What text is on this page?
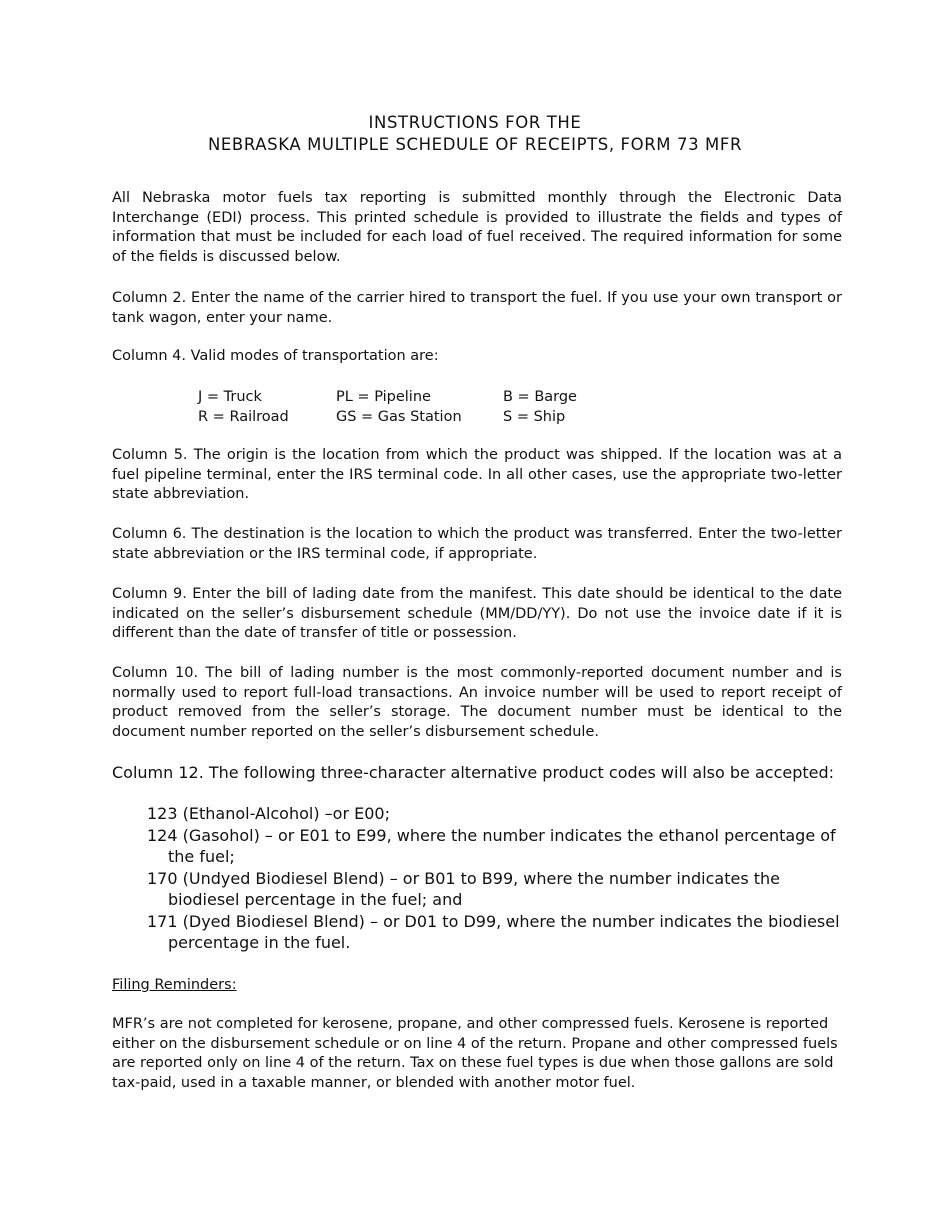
INSTRUCTIONS FOR THE
NEBRASKA MULTIPLE SCHEDULE OF RECEIPTS, FORM 73 MFR

All Nebraska motor fuels tax reporting is submitted monthly through the Electronic Data Interchange (EDI) process. This printed schedule is provided to illustrate the fields and types of information that must be included for each load of fuel received. The required information for some of the fields is discussed below.

Column 2. Enter the name of the carrier hired to transport the fuel. If you use your own transport or tank wagon, enter your name.

Column 4. Valid modes of transportation are:

J = Truck	PL = Pipeline	B = Barge
R = Railroad	GS = Gas Station	S = Ship

Column 5. The origin is the location from which the product was shipped. If the location was at a fuel pipeline terminal, enter the IRS terminal code. In all other cases, use the appropriate two-letter state abbreviation.

Column 6. The destination is the location to which the product was transferred. Enter the two-letter state abbreviation or the IRS terminal code, if appropriate.

Column 9. Enter the bill of lading date from the manifest. This date should be identical to the date indicated on the seller’s disbursement schedule (MM/DD/YY). Do not use the invoice date if it is different than the date of transfer of title or possession.

Column 10. The bill of lading number is the most commonly-reported document number and is normally used to report full-load transactions. An invoice number will be used to report receipt of product removed from the seller’s storage. The document number must be identical to the document number reported on the seller’s disbursement schedule.

Column 12. The following three-character alternative product codes will also be accepted:

123 (Ethanol-Alcohol) –or E00;
124 (Gasohol) – or E01 to E99, where the number indicates the ethanol percentage of the fuel;
170 (Undyed Biodiesel Blend) – or B01 to B99, where the number indicates the biodiesel percentage in the fuel; and
171 (Dyed Biodiesel Blend) – or D01 to D99, where the number indicates the biodiesel percentage in the fuel.
Filing Reminders:

MFR’s are not completed for kerosene, propane, and other compressed fuels. Kerosene is reported either on the disbursement schedule or on line 4 of the return. Propane and other compressed fuels are reported only on line 4 of the return. Tax on these fuel types is due when those gallons are sold tax-paid, used in a taxable manner, or blended with another motor fuel.
